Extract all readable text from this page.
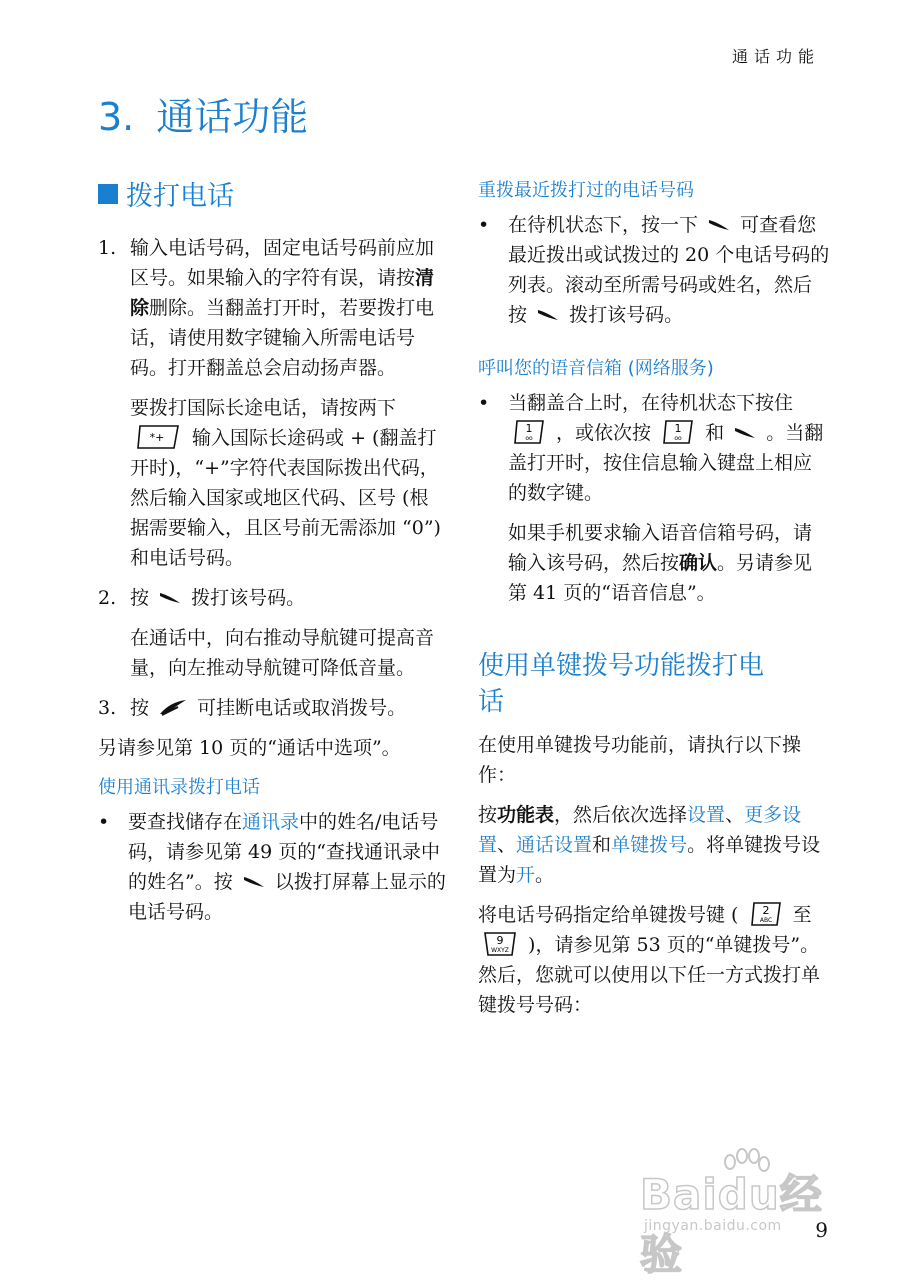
通话功能
3. 通话功能
拨打电话
1. 输入电话号码，固定电话号码前应加区号。如果输入的字符有误，请按清除删除。当翻盖打开时，若要拨打电话，请使用数字键输入所需电话号码。打开翻盖总会启动扬声器。

要拨打国际长途电话，请按两下
*+ 输入国际长途码或 + (翻盖打开时)，“+”字符代表国际拨出代码，然后输入国家或地区代码、区号 (根据需要输入，且区号前无需添加 “0”) 和电话号码。

2. 按 拨打该号码。

在通话中，向右推动导航键可提高音量，向左推动导航键可降低音量。

3. 按	可挂断电话或取消拨号。

另请参见第 10 页的“通话中选项”。

使用通讯录拨打电话
• 要查找储存在通讯录中的姓名/电话号码，请参见第 49 页的“查找通讯录中的姓名”。按 以拨打屏幕上显示的电话号码。

重拨最近拨打过的电话号码
• 在待机状态下，按一下 可查看您最近拨出或试拨过的 20 个电话号码的列表。滚动至所需号码或姓名，然后按 拨打该号码。

呼叫您的语音信箱 (网络服务)
• 当翻盖合上时，在待机状态下按住
1
oo ，或依次按 1
oo 和 。当翻盖打开时，按住信息输入键盘上相应的数字键。

如果手机要求输入语音信箱号码，请输入该号码，然后按确认。另请参见第 41 页的“语音信息”。

使用单键拨号功能拨打电话

在使用单键拨号功能前，请执行以下操作：

按功能表，然后依次选择设置、更多设置、通话设置和单键拨号。将单键拨号设置为开。

将电话号码指定给单键拨号键 ( 2
ABC 至
9
WXYZ )，请参见第 53 页的“单键拨号”。然后，您就可以使用以下任一方式拨打单键拨号号码：

Baidu经验
jingyan.baidu.com 9
